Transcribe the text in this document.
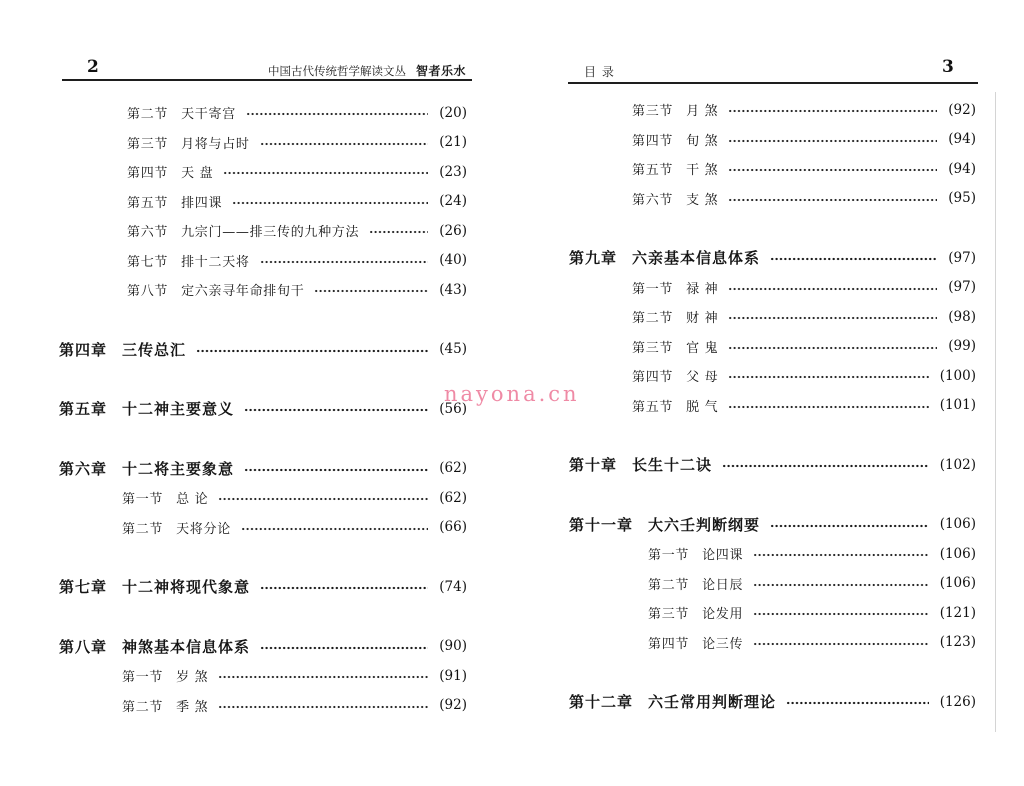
2	中国古代传统哲学解读文丛 智者乐水	目 录	3
第二节 天干寄宫	(20)
第三节 月将与占时	(21)
第四节 天 盘	(23)
第五节 排四课	(24)
第六节 九宗门——排三传的九种方法	(26)
第七节 排十二天将	(40)
第八节 定六亲寻年命排旬干	(43)
第四章 三传总汇	(45)
第五章 十二神主要意义	(56)
第六章 十二将主要象意	(62)
第一节 总 论	(62)
第二节 天将分论	(66)
第七章 十二神将现代象意	(74)
第八章 神煞基本信息体系	(90)
第一节 岁 煞	(91)
第二节 季 煞	(92)
第三节 月 煞	(92)
第四节 旬 煞	(94)
第五节 干 煞	(94)
第六节 支 煞	(95)
第九章 六亲基本信息体系	(97)
第一节 禄 神	(97)
第二节 财 神	(98)
第三节 官 鬼	(99)
第四节 父 母	(100)
第五节 脱 气	(101)
第十章 长生十二诀	(102)
第十一章 大六壬判断纲要	(106)
第一节 论四课	(106)
第二节 论日辰	(106)
第三节 论发用	(121)
第四节 论三传	(123)
第十二章 六壬常用判断理论	(126)
nayona.cn
